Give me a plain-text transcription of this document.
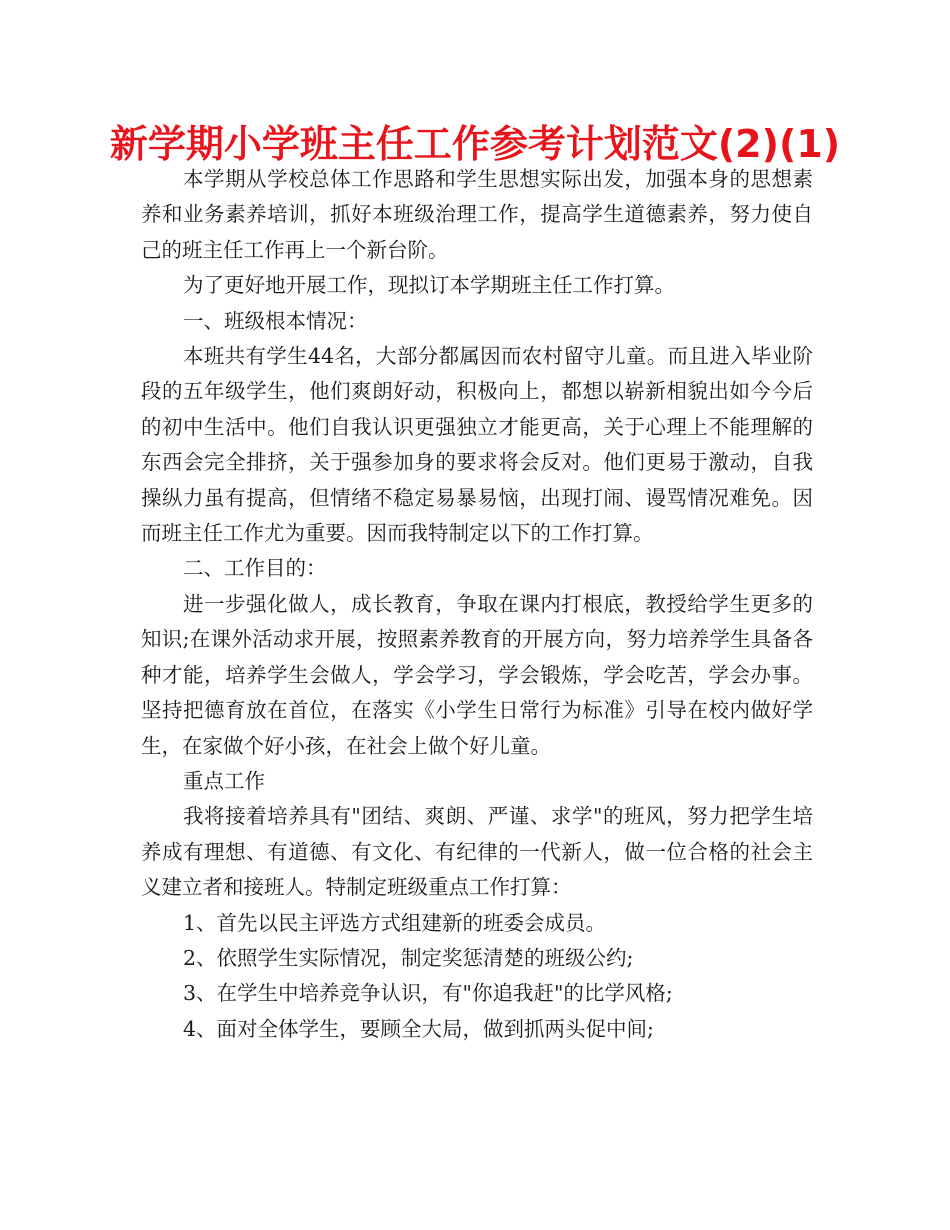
新学期小学班主任工作参考计划范文(2)(1)

本学期从学校总体工作思路和学生思想实际出发，加强本身的思想素养和业务素养培训，抓好本班级治理工作，提高学生道德素养，努力使自己的班主任工作再上一个新台阶。

为了更好地开展工作，现拟订本学期班主任工作打算。

一、班级根本情况：

本班共有学生44名，大部分都属因而农村留守儿童。而且进入毕业阶段的五年级学生，他们爽朗好动，积极向上，都想以崭新相貌出如今今后的初中生活中。他们自我认识更强独立才能更高，关于心理上不能理解的东西会完全排挤，关于强参加身的要求将会反对。他们更易于激动，自我操纵力虽有提高，但情绪不稳定易暴易恼，出现打闹、谩骂情况难免。因而班主任工作尤为重要。因而我特制定以下的工作打算。

二、工作目的：

进一步强化做人，成长教育，争取在课内打根底，教授给学生更多的知识;在课外活动求开展，按照素养教育的开展方向，努力培养学生具备各种才能，培养学生会做人，学会学习，学会锻炼，学会吃苦，学会办事。坚持把德育放在首位，在落实《小学生日常行为标准》引导在校内做好学生，在家做个好小孩，在社会上做个好儿童。

重点工作

我将接着培养具有"团结、爽朗、严谨、求学"的班风，努力把学生培养成有理想、有道德、有文化、有纪律的一代新人，做一位合格的社会主义建立者和接班人。特制定班级重点工作打算：

1、首先以民主评选方式组建新的班委会成员。

2、依照学生实际情况，制定奖惩清楚的班级公约;

3、在学生中培养竞争认识，有"你追我赶"的比学风格;

4、面对全体学生，要顾全大局，做到抓两头促中间;
